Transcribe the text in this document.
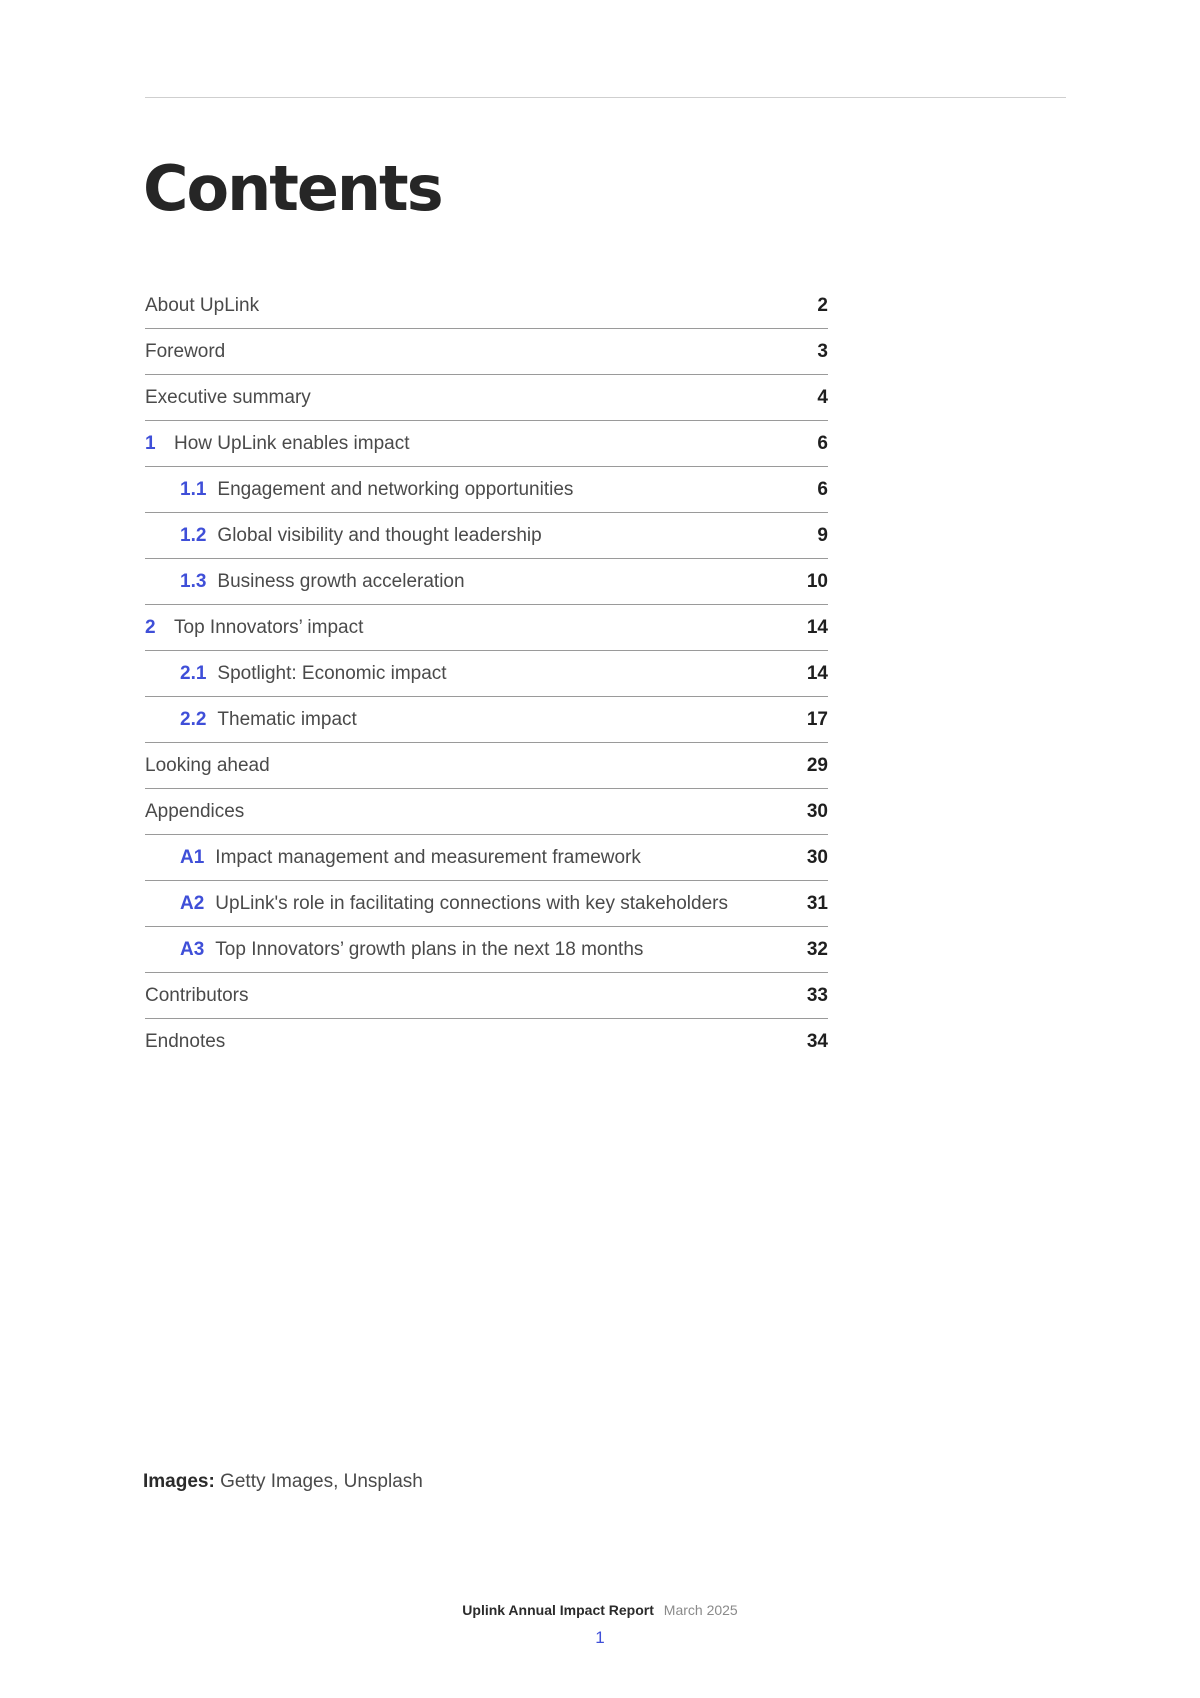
Contents
About UpLink	2
Foreword	3
Executive summary	4
1 How UpLink enables impact	6
1.1 Engagement and networking opportunities	6
1.2 Global visibility and thought leadership	9
1.3 Business growth acceleration	10
2 Top Innovators’ impact	14
2.1 Spotlight: Economic impact	14
2.2 Thematic impact	17
Looking ahead	29
Appendices	30
A1 Impact management and measurement framework	30
A2 UpLink's role in facilitating connections with key stakeholders	31
A3 Top Innovators’ growth plans in the next 18 months	32
Contributors	33
Endnotes	34
Images: Getty Images, Unsplash
Uplink Annual Impact Report March 2025
1
